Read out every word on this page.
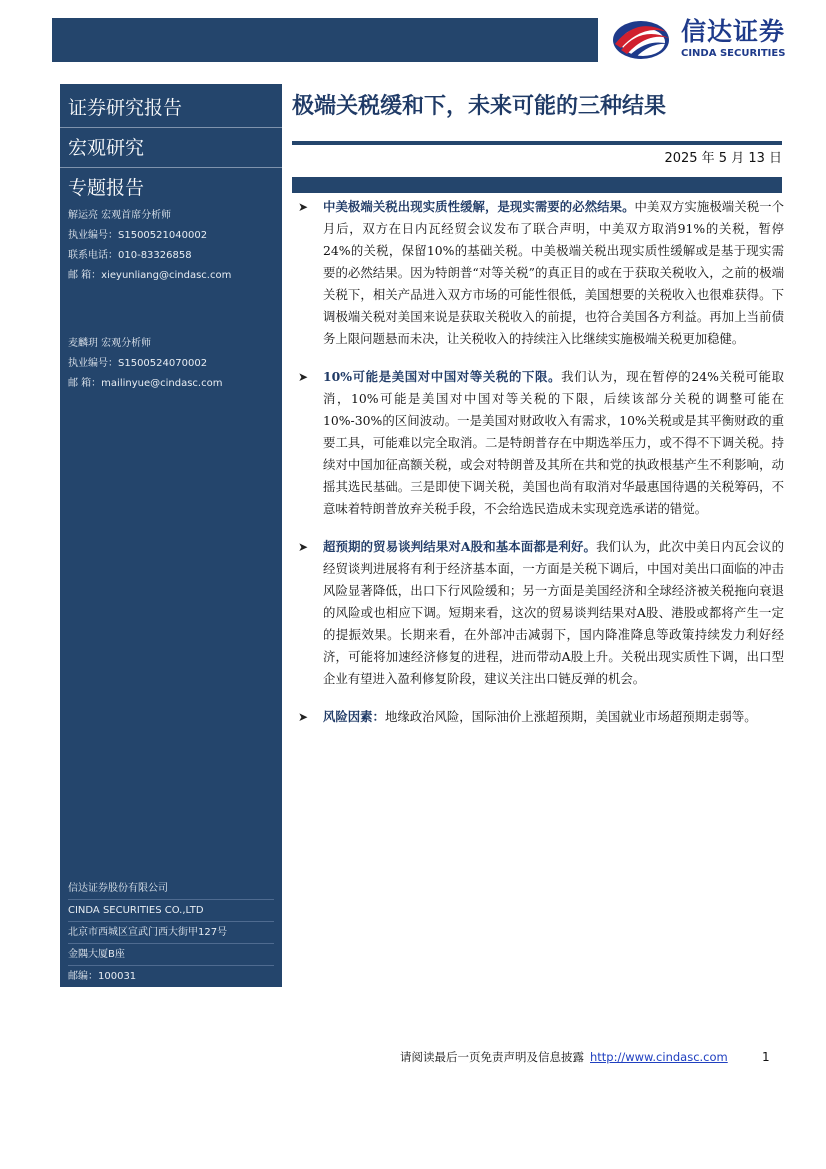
信达证券
CINDA SECURITIES
证券研究报告
宏观研究
专题报告
解运亮 宏观首席分析师
执业编号：S1500521040002
联系电话：010-83326858
邮 箱：xieyunliang@cindasc.com
麦麟玥 宏观分析师
执业编号：S1500524070002
邮 箱：mailinyue@cindasc.com
信达证券股份有限公司
CINDA SECURITIES CO.,LTD
北京市西城区宣武门西大街甲127号
金隅大厦B座
邮编：100031
极端关税缓和下，未来可能的三种结果
2025 年 5 月 13 日
➤ 中美极端关税出现实质性缓解，是现实需要的必然结果。中美双方实施极端关税一个月后，双方在日内瓦经贸会议发布了联合声明，中美双方取消91%的关税，暂停24%的关税，保留10%的基础关税。中美极端关税出现实质性缓解或是基于现实需要的必然结果。因为特朗普“对等关税”的真正目的或在于获取关税收入，之前的极端关税下，相关产品进入双方市场的可能性很低，美国想要的关税收入也很难获得。下调极端关税对美国来说是获取关税收入的前提，也符合美国各方利益。再加上当前债务上限问题悬而未决，让关税收入的持续注入比继续实施极端关税更加稳健。

➤ 10%可能是美国对中国对等关税的下限。我们认为，现在暂停的24%关税可能取消，10%可能是美国对中国对等关税的下限，后续该部分关税的调整可能在10%-30%的区间波动。一是美国对财政收入有需求，10%关税或是其平衡财政的重要工具，可能难以完全取消。二是特朗普存在中期选举压力，或不得不下调关税。持续对中国加征高额关税，或会对特朗普及其所在共和党的执政根基产生不利影响，动摇其选民基础。三是即使下调关税，美国也尚有取消对华最惠国待遇的关税筹码，不意味着特朗普放弃关税手段，不会给选民造成未实现竞选承诺的错觉。

➤ 超预期的贸易谈判结果对A股和基本面都是利好。我们认为，此次中美日内瓦会议的经贸谈判进展将有利于经济基本面，一方面是关税下调后，中国对美出口面临的冲击风险显著降低，出口下行风险缓和；另一方面是美国经济和全球经济被关税拖向衰退的风险或也相应下调。短期来看，这次的贸易谈判结果对A股、港股或都将产生一定的提振效果。长期来看，在外部冲击减弱下，国内降准降息等政策持续发力利好经济，可能将加速经济修复的进程，进而带动A股上升。关税出现实质性下调，出口型企业有望进入盈利修复阶段，建议关注出口链反弹的机会。

➤ 风险因素：地缘政治风险，国际油价上涨超预期，美国就业市场超预期走弱等。

请阅读最后一页免责声明及信息披露 http://www.cindasc.com	1
